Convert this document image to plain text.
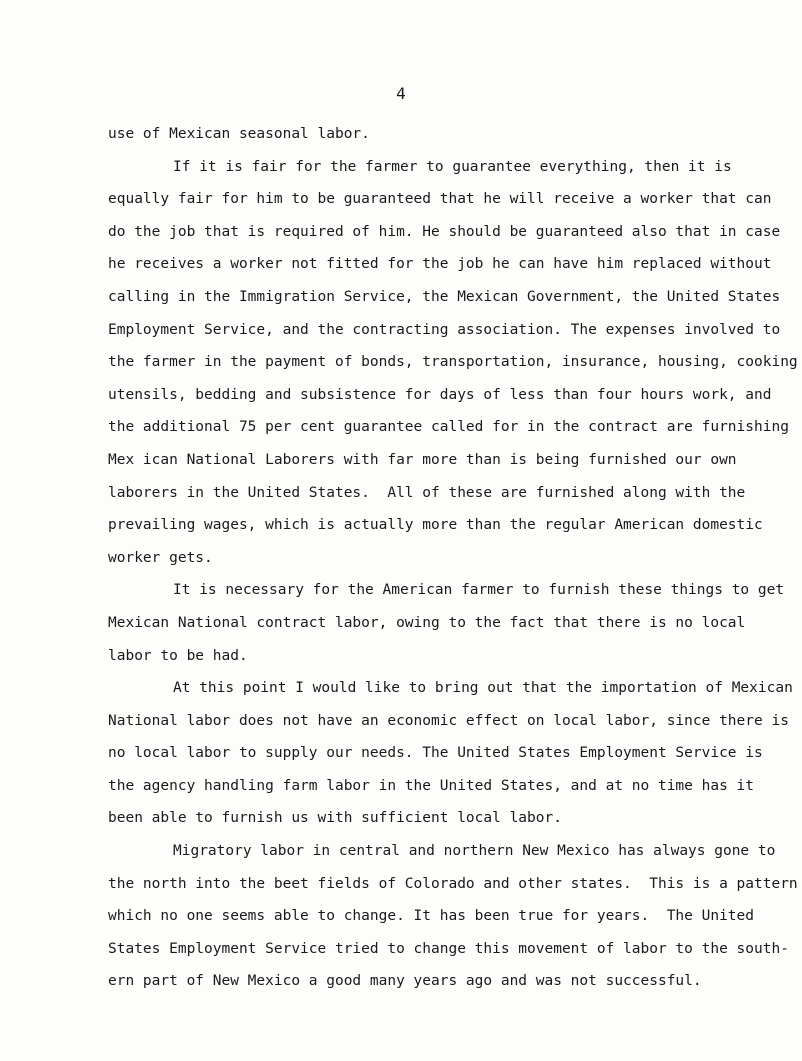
4
use of Mexican seasonal labor.
If it is fair for the farmer to guarantee everything, then it is
equally fair for him to be guaranteed that he will receive a worker that can
do the job that is required of him. He should be guaranteed also that in case
he receives a worker not fitted for the job he can have him replaced without
calling in the Immigration Service, the Mexican Government, the United States
Employment Service, and the contracting association. The expenses involved to
the farmer in the payment of bonds, transportation, insurance, housing, cooking
utensils, bedding and subsistence for days of less than four hours work, and
the additional 75 per cent guarantee called for in the contract are furnishing
Mex ican National Laborers with far more than is being furnished our own
laborers in the United States.  All of these are furnished along with the
prevailing wages, which is actually more than the regular American domestic
worker gets.
It is necessary for the American farmer to furnish these things to get
Mexican National contract labor, owing to the fact that there is no local
labor to be had.
At this point I would like to bring out that the importation of Mexican
National labor does not have an economic effect on local labor, since there is
no local labor to supply our needs. The United States Employment Service is
the agency handling farm labor in the United States, and at no time has it
been able to furnish us with sufficient local labor.
Migratory labor in central and northern New Mexico has always gone to
the north into the beet fields of Colorado and other states.  This is a pattern
which no one seems able to change. It has been true for years.  The United
States Employment Service tried to change this movement of labor to the south-
ern part of New Mexico a good many years ago and was not successful.
